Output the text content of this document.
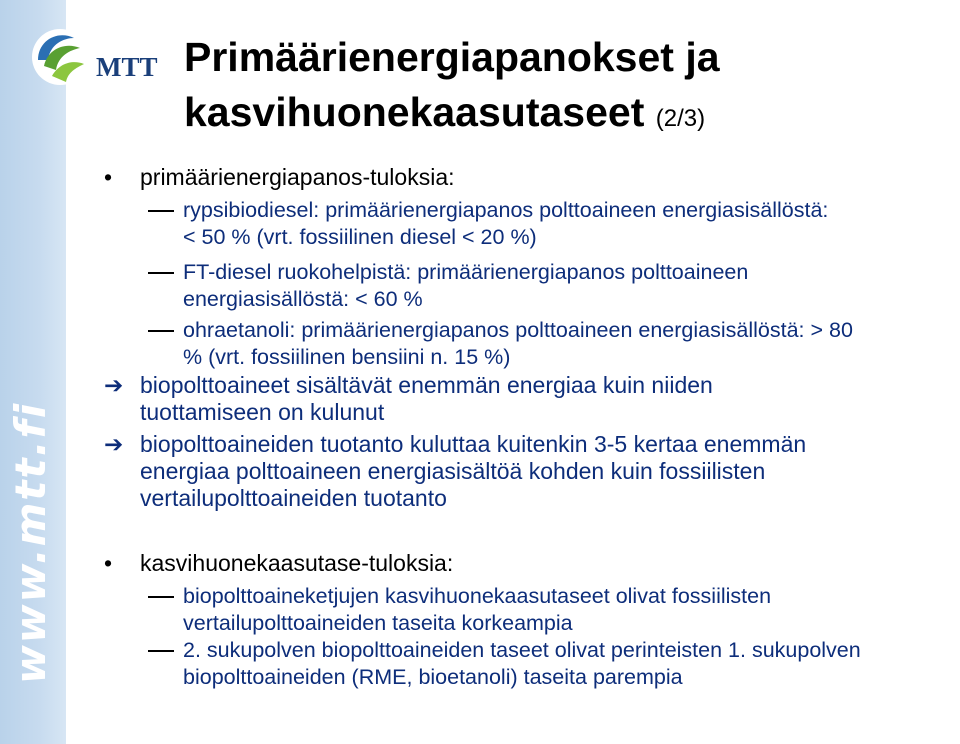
www.mtt.fi
MTT Primäärienergiapanokset ja
kasvihuonekaasutaseet (2/3)
• primäärienergiapanos-tuloksia:
rypsibiodiesel: primäärienergiapanos polttoaineen energiasisällöstä:
< 50 % (vrt. fossiilinen diesel < 20 %)
FT-diesel ruokohelpistä: primäärienergiapanos polttoaineen
energiasisällöstä: < 60 %
ohraetanoli: primäärienergiapanos polttoaineen energiasisällöstä: > 80
% (vrt. fossiilinen bensiini n. 15 %)
➔ biopolttoaineet sisältävät enemmän energiaa kuin niiden
tuottamiseen on kulunut
➔ biopolttoaineiden tuotanto kuluttaa kuitenkin 3-5 kertaa enemmän
energiaa polttoaineen energiasisältöä kohden kuin fossiilisten
vertailupolttoaineiden tuotanto
• kasvihuonekaasutase-tuloksia:
biopolttoaineketjujen kasvihuonekaasutaseet olivat fossiilisten
vertailupolttoaineiden taseita korkeampia
2. sukupolven biopolttoaineiden taseet olivat perinteisten 1. sukupolven
biopolttoaineiden (RME, bioetanoli) taseita parempia
